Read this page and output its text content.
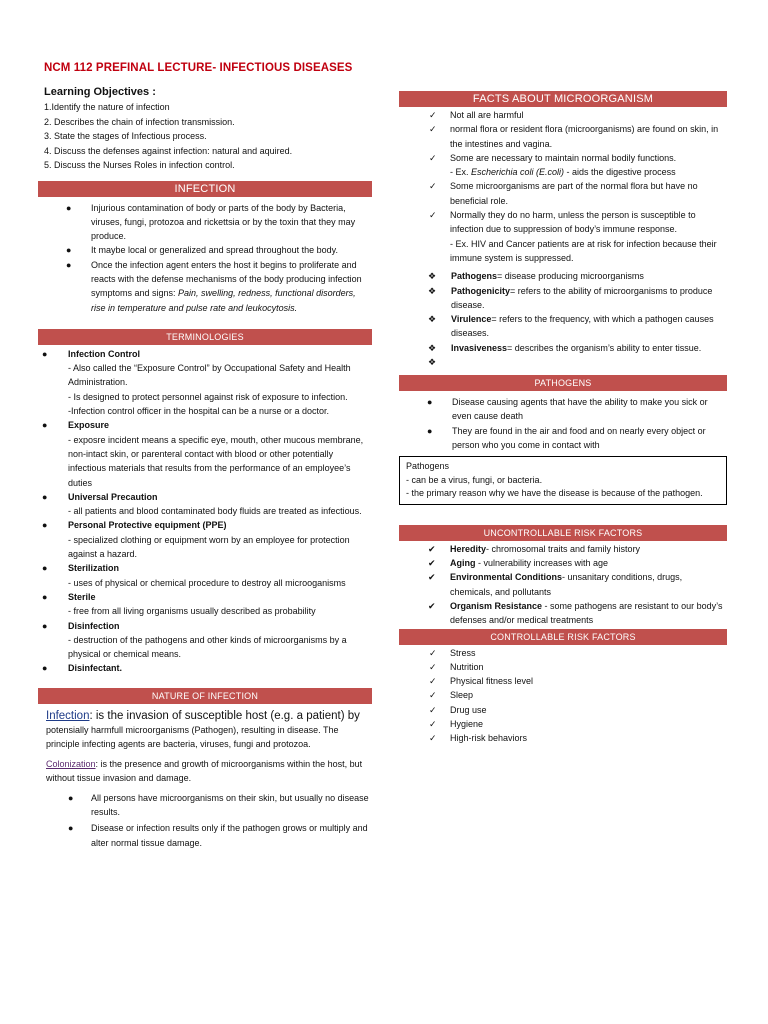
NCM 112 PREFINAL LECTURE- INFECTIOUS DISEASES
Learning Objectives :
1.Identify the nature of infection
2. Describes the chain of infection transmission.
3. State the stages of Infectious process.
4. Discuss the defenses against infection: natural and aquired.
5. Discuss the Nurses Roles in infection control.
INFECTION
● Injurious contamination of body or parts of the body by Bacteria, viruses, fungi, protozoa and rickettsia or by the toxin that they may produce.
● It maybe local or generalized and spread throughout the body.
● Once the infection agent enters the host it begins to proliferate and reacts with the defense mechanisms of the body producing infection symptoms and signs: Pain, swelling, redness, functional disorders, rise in temperature and pulse rate and leukocytosis.
TERMINOLOGIES
● Infection Control
- Also called the “Exposure Control” by Occupational Safety and Health Administration.
- Is designed to protect personnel against risk of exposure to infection.
-Infection control officer in the hospital can be a nurse or a doctor.
● Exposure
- exposre incident means a specific eye, mouth, other mucous membrane, non-intact skin, or parenteral contact with blood or other potentially infectious materials that results from the performance of an employee’s duties
● Universal Precaution
- all patients and blood contaminated body fluids are treated as infectious.
● Personal Protective equipment (PPE)
- specialized clothing or equipment worn by an employee for protection against a hazard.
● Sterilization
- uses of physical or chemical procedure to destroy all microoganisms
● Sterile
- free from all living organisms usually described as probability
● Disinfection
- destruction of the pathogens and other kinds of microorganisms by a physical or chemical means.
● Disinfectant.
NATURE OF INFECTION
Infection: is the invasion of susceptible host (e.g. a patient) by
potensially harmfull microorganisms (Pathogen), resulting in disease. The principle infecting agents are bacteria, viruses, fungi and protozoa.
Colonization: is the presence and growth of microorganisms within the host, but without tissue invasion and damage.
● All persons have microorganisms on their skin, but usually no disease results.
● Disease or infection results only if the pathogen grows or multiply and alter normal tissue damage.
FACTS ABOUT MICROORGANISM
✓ Not all are harmful
✓ normal flora or resident flora (microorganisms) are found on skin, in the intestines and vagina.
✓ Some are necessary to maintain normal bodily functions.
- Ex. Escherichia coli (E.coli) - aids the digestive process
✓ Some microorganisms are part of the normal flora but have no beneficial role.
✓ Normally they do no harm, unless the person is susceptible to infection due to suppression of body’s immune response.
- Ex. HIV and Cancer patients are at risk for infection because their immune system is suppressed.
❖ Pathogens= disease producing microorganisms
❖ Pathogenicity= refers to the ability of microorganisms to produce disease.
❖ Virulence= refers to the frequency, with which a pathogen causes diseases.
❖ Invasiveness= describes the organism’s ability to enter tissue.
❖
PATHOGENS
● Disease causing agents that have the ability to make you sick or even cause death
● They are found in the air and food and on nearly every object or person who you come in contact with
Pathogens
- can be a virus, fungi, or bacteria.
- the primary reason why we have the disease is because of the pathogen.
UNCONTROLLABLE RISK FACTORS
✔ Heredity- chromosomal traits and family history
✔ Aging - vulnerability increases with age
✔ Environmental Conditions- unsanitary conditions, drugs, chemicals, and pollutants
✔ Organism Resistance - some pathogens are resistant to our body’s defenses and/or medical treatments
CONTROLLABLE RISK FACTORS
✓ Stress
✓ Nutrition
✓ Physical fitness level
✓ Sleep
✓ Drug use
✓ Hygiene
✓ High-risk behaviors
